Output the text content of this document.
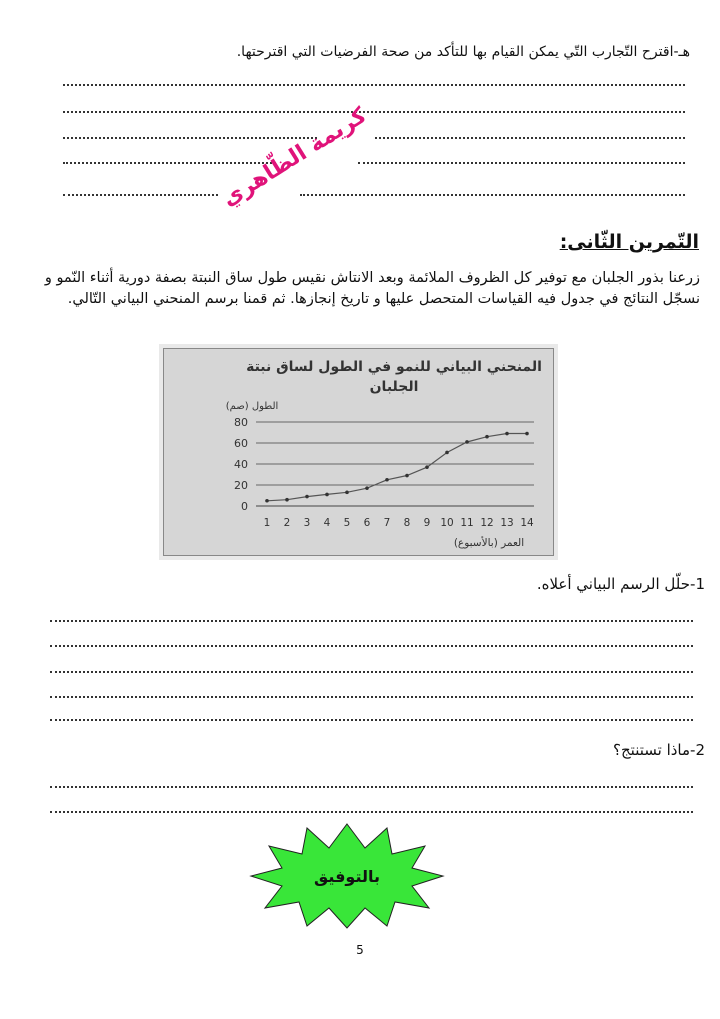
هـ-اقترح التّجارب التّي يمكن القيام بها للتأكد من صحة الفرضيات التي اقترحتها.
كريمة الظّاهري
التّمرين الثّانى:
زرعنا بذور الجلبان مع توفير كل الظروف الملائمة وبعد الانتاش نقيس طول ساق النبتة بصفة دورية أثناء النّمو و نسجّل النتائج في جدول فيه القياسات المتحصل عليها و تاريخ إنجازها. ثم قمنا برسم المنحني البياني التّالي.
المنحني البياني للنمو في الطول لساق نبتة الجلبان
الطول (صم)
العمر (بالأسبوع)
0
20
40
60
80
1 2 3 4 5 6 7 8 9 10 11 12 13 14
1-حلّل الرسم البياني أعلاه.
2-ماذا تستنتج؟
بالتوفيق
5
